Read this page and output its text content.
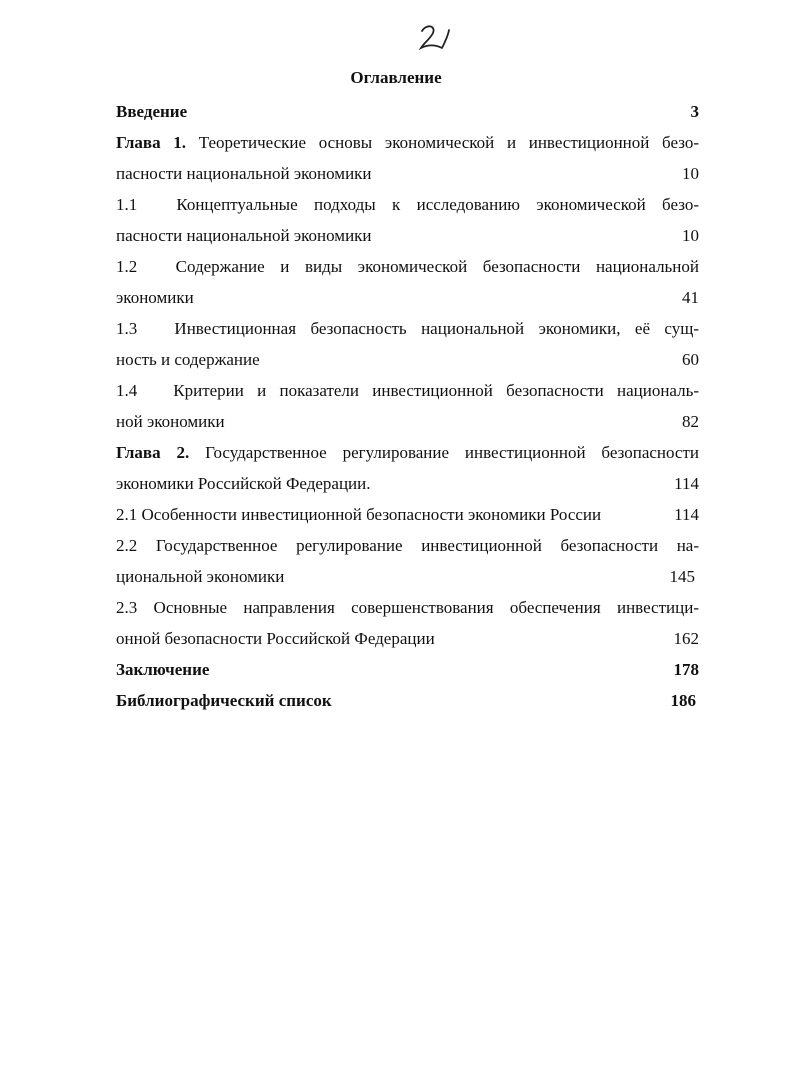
Оглавление
Введение	3
Глава 1. Теоретические основы экономической и инвестиционной безо-
пасности национальной экономики	10
1.1 Концептуальные подходы к исследованию экономической безо-
пасности национальной экономики	10
1.2 Содержание и виды экономической безопасности национальной
экономики	41
1.3 Инвестиционная безопасность национальной экономики, её сущ-
ность и содержание	60
1.4 Критерии и показатели инвестиционной безопасности националь-
ной экономики	82
Глава 2. Государственное регулирование инвестиционной безопасности
экономики Российской Федерации.	114
2.1 Особенности инвестиционной безопасности экономики России	114
2.2 Государственное регулирование инвестиционной безопасности на-
циональной экономики	145
2.3 Основные направления совершенствования обеспечения инвестици-
онной безопасности Российской Федерации	162
Заключение	178
Библиографический список	186
